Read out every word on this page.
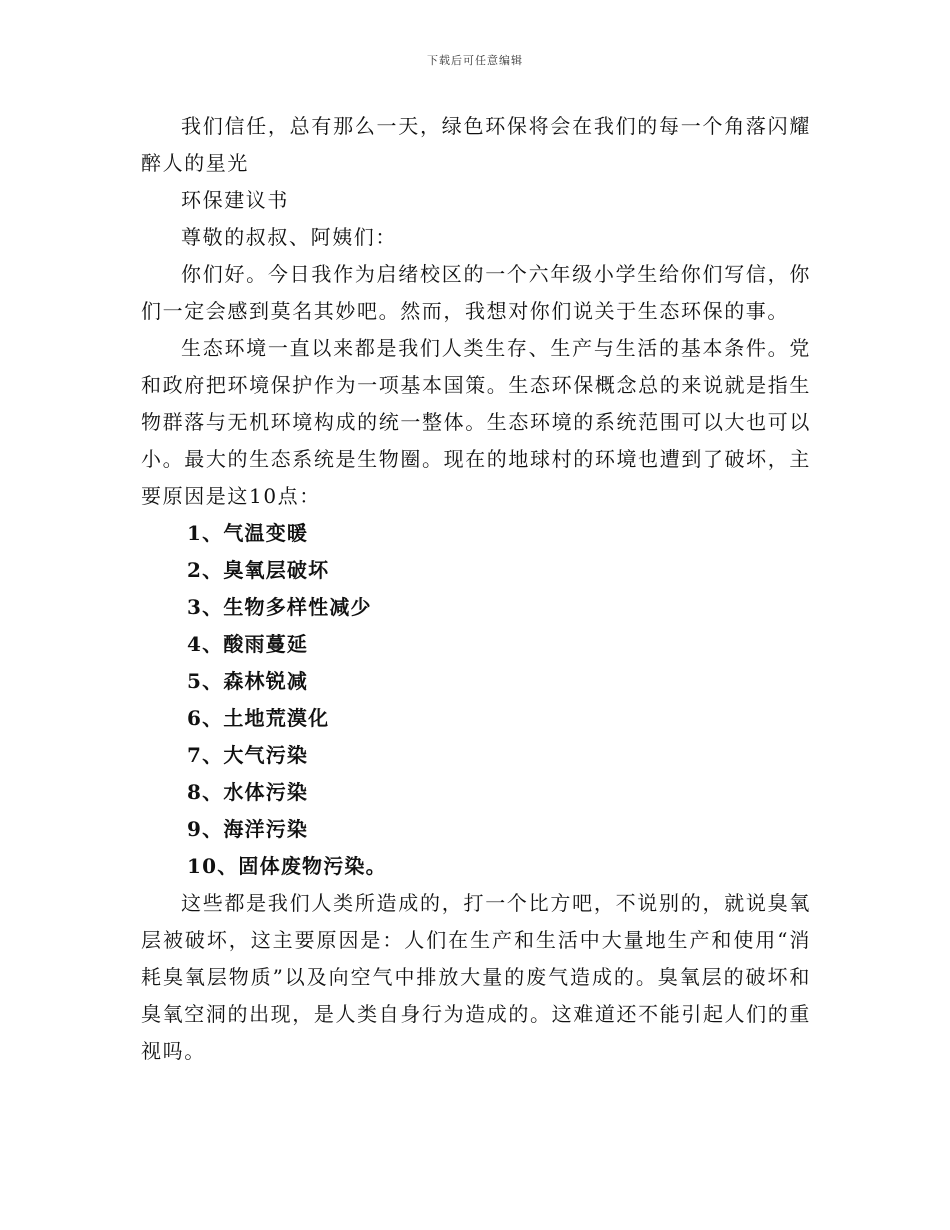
下载后可任意编辑

我们信任，总有那么一天，绿色环保将会在我们的每一个角落闪耀醉人的星光

环保建议书

尊敬的叔叔、阿姨们：

你们好。今日我作为启绪校区的一个六年级小学生给你们写信，你们一定会感到莫名其妙吧。然而，我想对你们说关于生态环保的事。

生态环境一直以来都是我们人类生存、生产与生活的基本条件。党和政府把环境保护作为一项基本国策。生态环保概念总的来说就是指生物群落与无机环境构成的统一整体。生态环境的系统范围可以大也可以小。最大的生态系统是生物圈。现在的地球村的环境也遭到了破坏，主要原因是这10点：

1、气温变暖
2、臭氧层破坏
3、生物多样性减少
4、酸雨蔓延
5、森林锐减
6、土地荒漠化
7、大气污染
8、水体污染
9、海洋污染
10、固体废物污染。

这些都是我们人类所造成的，打一个比方吧，不说别的，就说臭氧层被破坏，这主要原因是：人们在生产和生活中大量地生产和使用“消耗臭氧层物质”以及向空气中排放大量的废气造成的。臭氧层的破坏和臭氧空洞的出现，是人类自身行为造成的。这难道还不能引起人们的重视吗。
